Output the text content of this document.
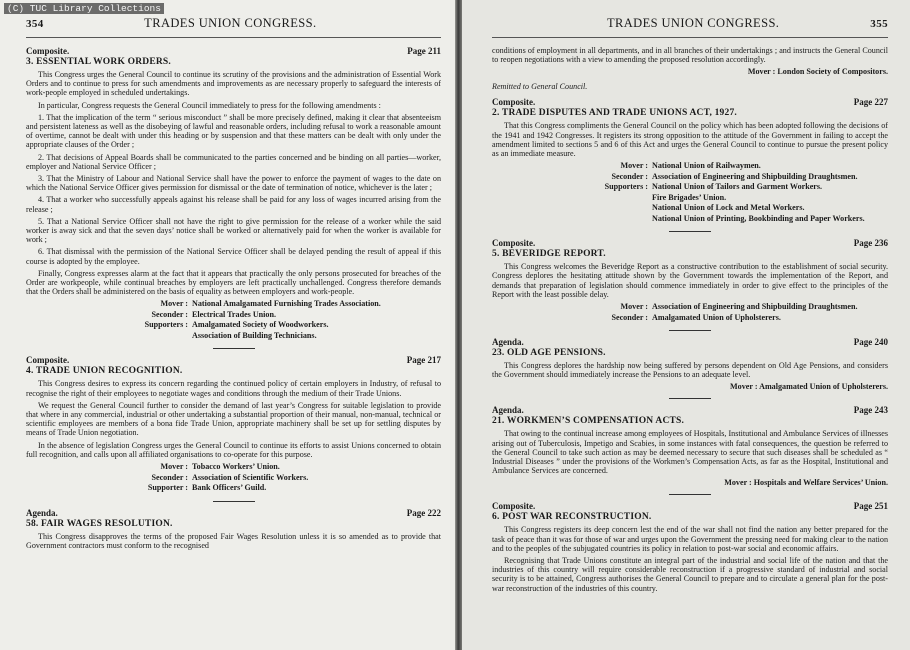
(C) TUC Library Collections
354	TRADES UNION CONGRESS.
Composite.	Page 211
3. ESSENTIAL WORK ORDERS.

This Congress urges the General Council to continue its scrutiny of the provisions and the administration of Essential Work Orders and to continue to press for such amendments and improvements as are necessary properly to safeguard the interests of work-people employed in scheduled undertakings.

In particular, Congress requests the General Council immediately to press for the following amendments :

1. That the implication of the term “ serious misconduct ” shall be more precisely defined, making it clear that absenteeism and persistent lateness as well as the disobeying of lawful and reasonable orders, including refusal to work a reasonable amount of overtime, cannot be dealt with under this heading or by suspension and that these matters can be dealt with only under the appropriate clauses of the Order ;

2. That decisions of Appeal Boards shall be communicated to the parties concerned and be binding on all parties—worker, employer and National Service Officer ;

3. That the Ministry of Labour and National Service shall have the power to enforce the payment of wages to the date on which the National Service Officer gives permission for dismissal or the date of termination of notice, whichever is the later ;

4. That a worker who successfully appeals against his release shall be paid for any loss of wages incurred arising from the release ;

5. That a National Service Officer shall not have the right to give permission for the release of a worker while the said worker is away sick and that the seven days’ notice shall be worked or alternatively paid for when the worker is available for work ;

6. That dismissal with the permission of the National Service Officer shall be delayed pending the result of appeal if this course is adopted by the employee.

Finally, Congress expresses alarm at the fact that it appears that practically the only persons prosecuted for breaches of the Order are workpeople, while continual breaches by employers are left practically unchallenged. Congress therefore demands that the Orders shall be administered on the basis of equality as between employers and work-people.

Mover : National Amalgamated Furnishing Trades Association.
Seconder : Electrical Trades Union.
Supporters : Amalgamated Society of Woodworkers.
Association of Building Technicians.
Composite.	Page 217
4. TRADE UNION RECOGNITION.

This Congress desires to express its concern regarding the continued policy of certain employers in Industry, of refusal to recognise the right of their employees to negotiate wages and conditions through the medium of their Trade Unions.

We request the General Council further to consider the demand of last year’s Congress for suitable legislation to provide that where in any commercial, industrial or other undertaking a substantial proportion of their manual, non-manual, technical or scientific employees are members of a bona fide Trade Union, appropriate machinery shall be set up for settling disputes by means of Trade Union negotiation.

In the absence of legislation Congress urges the General Council to continue its efforts to assist Unions concerned to obtain full recognition, and calls upon all affiliated organisations to co-operate for this purpose.

Mover : Tobacco Workers’ Union.
Seconder : Association of Scientific Workers.
Supporter : Bank Officers’ Guild.
Agenda.	Page 222
58. FAIR WAGES RESOLUTION.

This Congress disapproves the terms of the proposed Fair Wages Resolution unless it is so amended as to provide that Government contractors must conform to the recognised

TRADES UNION CONGRESS.	355

conditions of employment in all departments, and in all branches of their undertakings ; and instructs the General Council to reopen negotiations with a view to amending the proposed resolution accordingly.

Mover : London Society of Compositors.
Remitted to General Council.
Composite.	Page 227
2. TRADE DISPUTES AND TRADE UNIONS ACT, 1927.

That this Congress compliments the General Council on the policy which has been adopted following the decisions of the 1941 and 1942 Congresses. It registers its strong opposition to the attitude of the Government in failing to accept the amendment limited to sections 5 and 6 of this Act and urges the General Council to continue to pursue the present policy as an immediate measure.

Mover : National Union of Railwaymen.
Seconder : Association of Engineering and Shipbuilding Draughtsmen.
Supporters : National Union of Tailors and Garment Workers.
Fire Brigades’ Union.
National Union of Lock and Metal Workers.
National Union of Printing, Bookbinding and Paper Workers.
Composite.	Page 236
5. BEVERIDGE REPORT.

This Congress welcomes the Beveridge Report as a constructive contribution to the establishment of social security. Congress deplores the hesitating attitude shown by the Government towards the implementation of the Report, and demands that preparation of legislation should commence immediately in order to give effect to the principles of the Report with the least possible delay.

Mover : Association of Engineering and Shipbuilding Draughtsmen.
Seconder : Amalgamated Union of Upholsterers.
Agenda.	Page 240
23. OLD AGE PENSIONS.

This Congress deplores the hardship now being suffered by persons dependent on Old Age Pensions, and considers the Government should immediately increase the Pensions to an adequate level.

Mover : Amalgamated Union of Upholsterers.
Agenda.	Page 243
21. WORKMEN’S COMPENSATION ACTS.

That owing to the continual increase among employees of Hospitals, Institutional and Ambulance Services of illnesses arising out of Tuberculosis, Impetigo and Scabies, in some instances with fatal consequences, the question be referred to the General Council to take such action as may be deemed necessary to secure that such diseases shall be scheduled as “ Industrial Diseases ” under the provisions of the Workmen’s Compensation Acts, as far as the Hospital, Institutional and Ambulance Services are concerned.

Mover : Hospitals and Welfare Services’ Union.
Composite.	Page 251
6. POST WAR RECONSTRUCTION.

This Congress registers its deep concern lest the end of the war shall not find the nation any better prepared for the task of peace than it was for those of war and urges upon the Government the pressing need for making clear to the nation and to the peoples of the subjugated countries its policy in relation to post-war social and economic affairs.

Recognising that Trade Unions constitute an integral part of the industrial and social life of the nation and that the industries of this country will require considerable reconstruction if a progressive standard of industrial and social security is to be attained, Congress authorises the General Council to prepare and to circulate a general plan for the post-war reconstruction of the industries of this country.
